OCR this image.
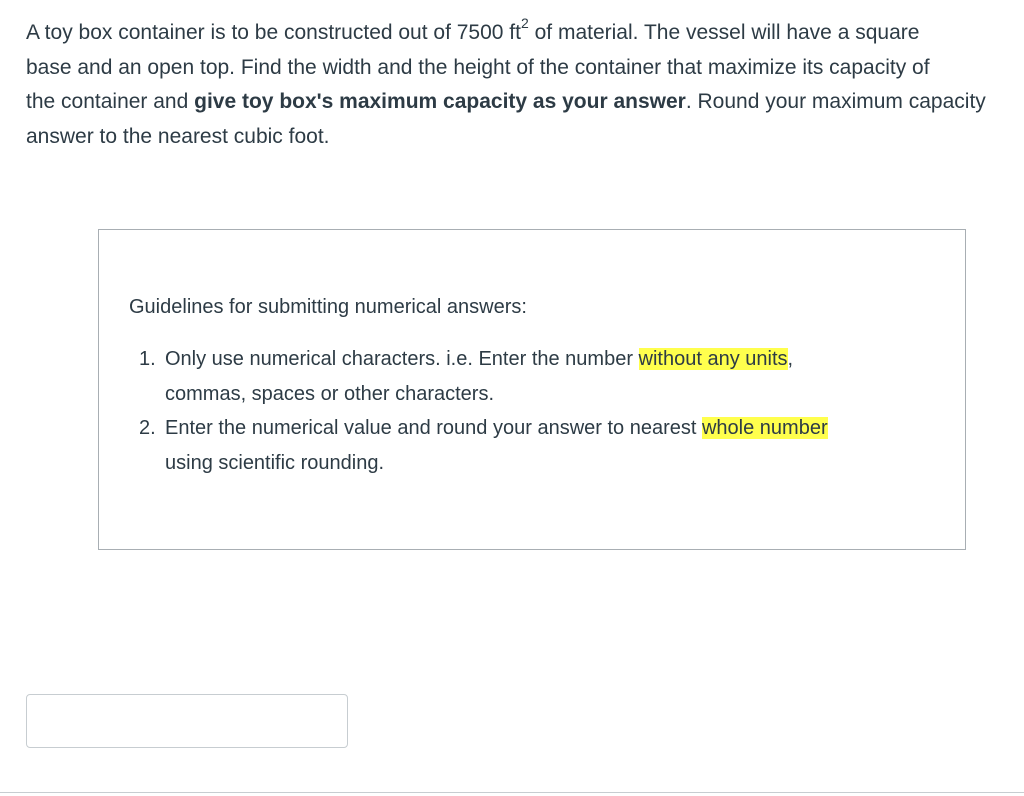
A toy box container is to be constructed out of 7500 $ft^2$ of material. The vessel will have a square
base and an open top. Find the width and the height of the container that maximize its capacity of
the container and give toy box's maximum capacity as your answer. Round your maximum capacity
answer to the nearest cubic foot.
Guidelines for submitting numerical answers:
1. Only use numerical characters. i.e. Enter the number without any units,
commas, spaces or other characters.
2. Enter the numerical value and round your answer to nearest whole number
using scientific rounding.
